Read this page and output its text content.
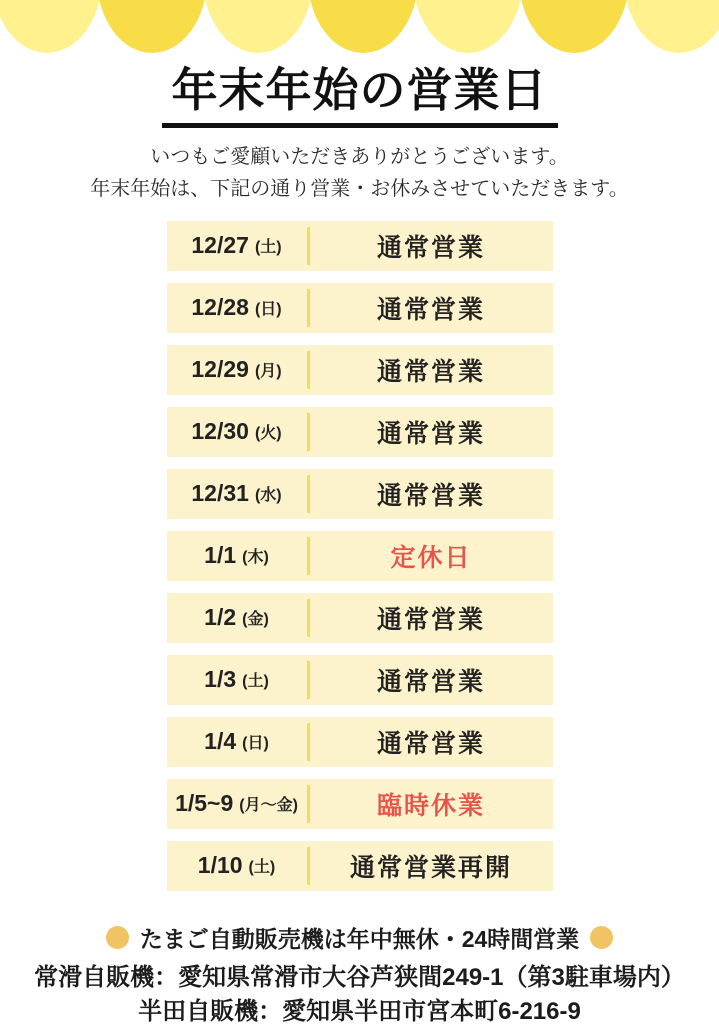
年末年始の営業日
いつもご愛顧いただきありがとうございます。
年末年始は、下記の通り営業・お休みさせていただきます。
12/27 (土)	通常営業
12/28 (日)	通常営業
12/29 (月)	通常営業
12/30 (火)	通常営業
12/31 (水)	通常営業
1/1 (木)	定休日
1/2 (金)	通常営業
1/3 (土)	通常営業
1/4 (日)	通常営業
1/5~9 (月～金)	臨時休業
1/10 (土)	通常営業再開
たまご自動販売機は年中無休・24時間営業
常滑自販機：愛知県常滑市大谷芦狭間249-1（第3駐車場内）
半田自販機：愛知県半田市宮本町6-216-9
